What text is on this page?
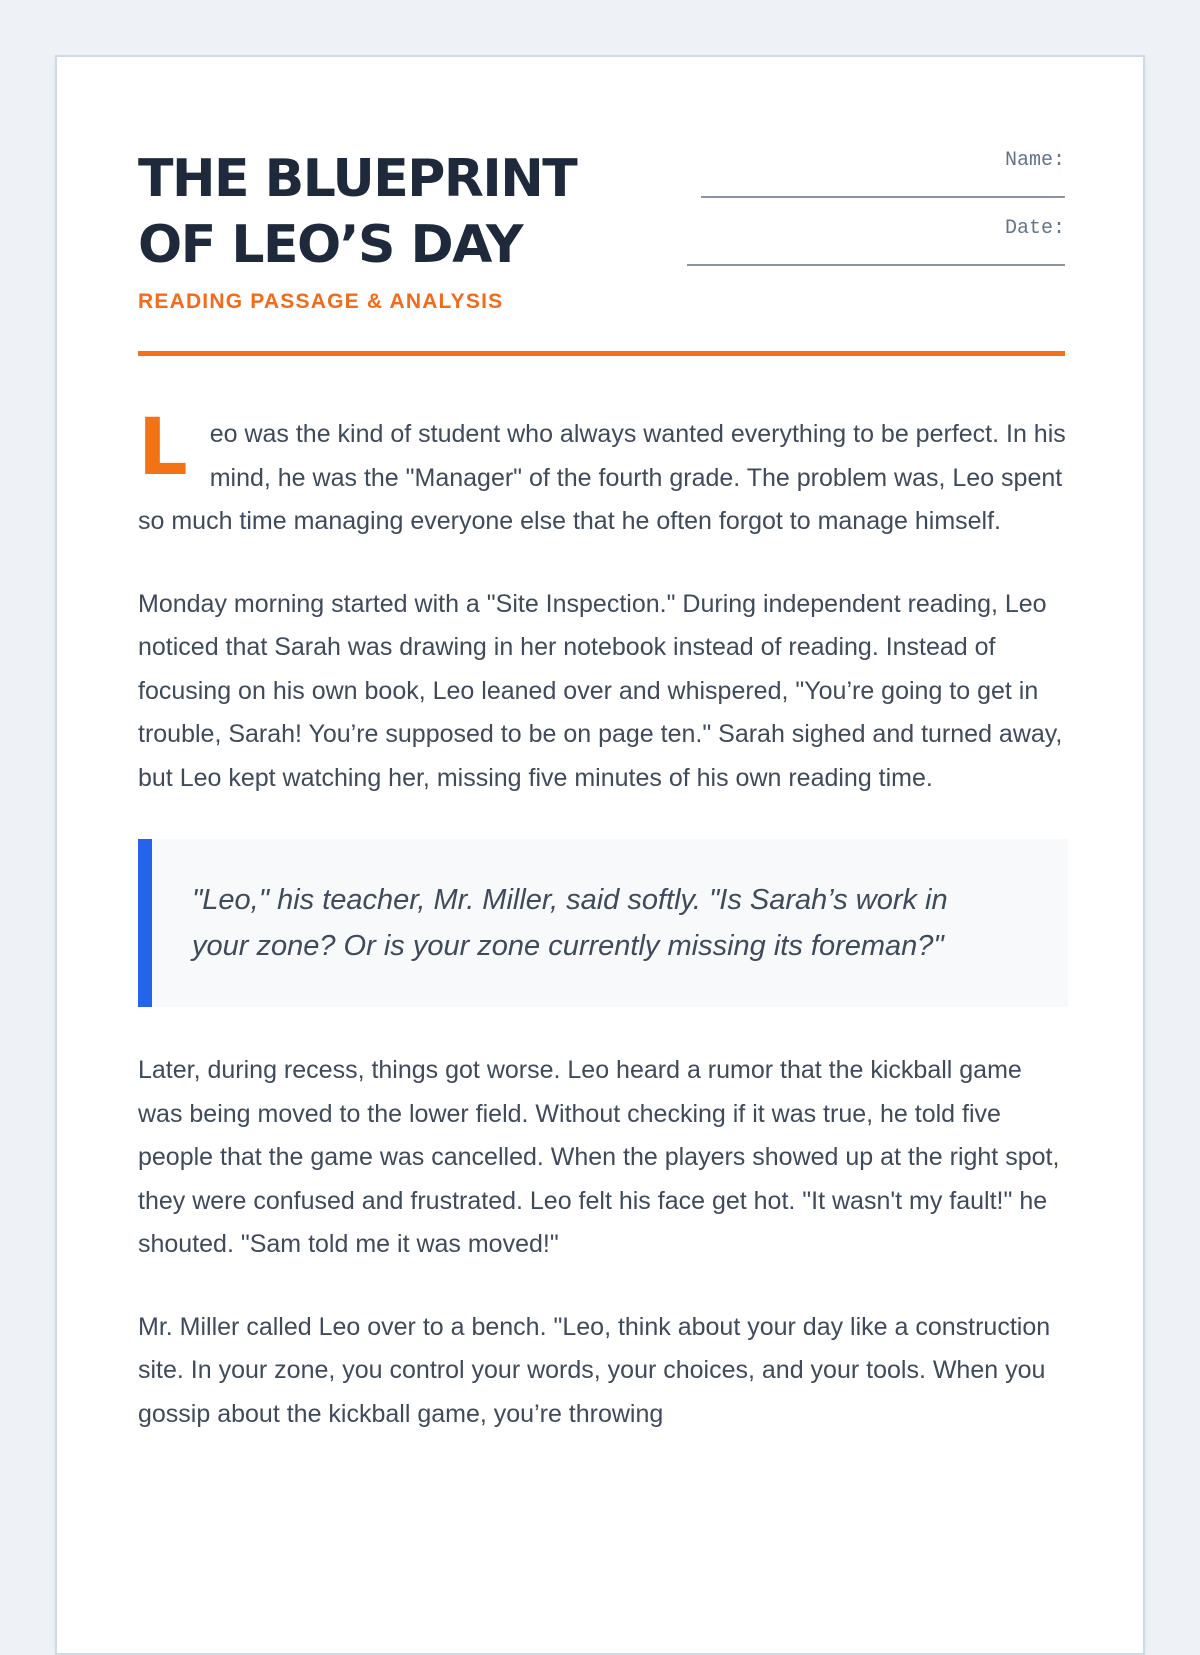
THE BLUEPRINT
OF LEO’S DAY
READING PASSAGE & ANALYSIS
Name:
Date:

Leo was the kind of student who always wanted everything to be perfect. In his mind, he was the "Manager" of the fourth grade. The problem was, Leo spent so much time managing everyone else that he often forgot to manage himself.

Monday morning started with a "Site Inspection." During independent reading, Leo noticed that Sarah was drawing in her notebook instead of reading. Instead of focusing on his own book, Leo leaned over and whispered, "You’re going to get in trouble, Sarah! You’re supposed to be on page ten." Sarah sighed and turned away, but Leo kept watching her, missing five minutes of his own reading time.

"Leo," his teacher, Mr. Miller, said softly. "Is Sarah’s work in your zone? Or is your zone currently missing its foreman?"

Later, during recess, things got worse. Leo heard a rumor that the kickball game was being moved to the lower field. Without checking if it was true, he told five people that the game was cancelled. When the players showed up at the right spot, they were confused and frustrated. Leo felt his face get hot. "It wasn't my fault!" he shouted. "Sam told me it was moved!"

Mr. Miller called Leo over to a bench. "Leo, think about your day like a construction site. In your zone, you control your words, your choices, and your tools. When you gossip about the kickball game, you’re throwing
